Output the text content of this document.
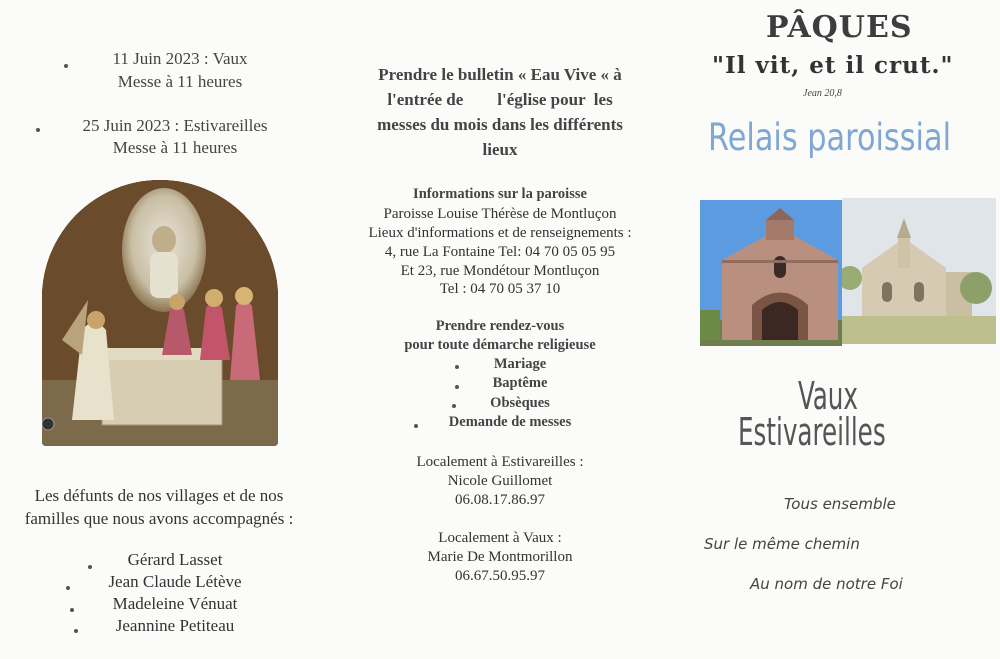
11 Juin 2023 : Vaux
Messe à 11 heures
25 Juin 2023 : Estivareilles
Messe à 11 heures
Les défunts de nos villages et de nos
familles que nous avons accompagnés :
Gérard Lasset
Jean Claude Létève
Madeleine Vénuat
Jeannine Petiteau
Prendre le bulletin « Eau Vive « à
l'entrée de        l'église pour  les
messes du mois dans les différents
lieux
Informations sur la paroisse
Paroisse Louise Thérèse de Montluçon
Lieux d'informations et de renseignements :
4, rue La Fontaine Tel: 04 70 05 05 95
Et 23, rue Mondétour Montluçon
Tel : 04 70 05 37 10
Prendre rendez-vous
pour toute démarche religieuse
Mariage
Baptême
Obsèques
Demande de messes
Localement à Estivareilles :
Nicole Guillomet
06.08.17.86.97
Localement à Vaux :
Marie De Montmorillon
06.67.50.95.97
PÂQUES
"Il vit, et il crut."
Jean 20,8
Relais paroissial
Vaux
Estivareilles
Tous ensemble
Sur le même chemin
Au nom de notre Foi
